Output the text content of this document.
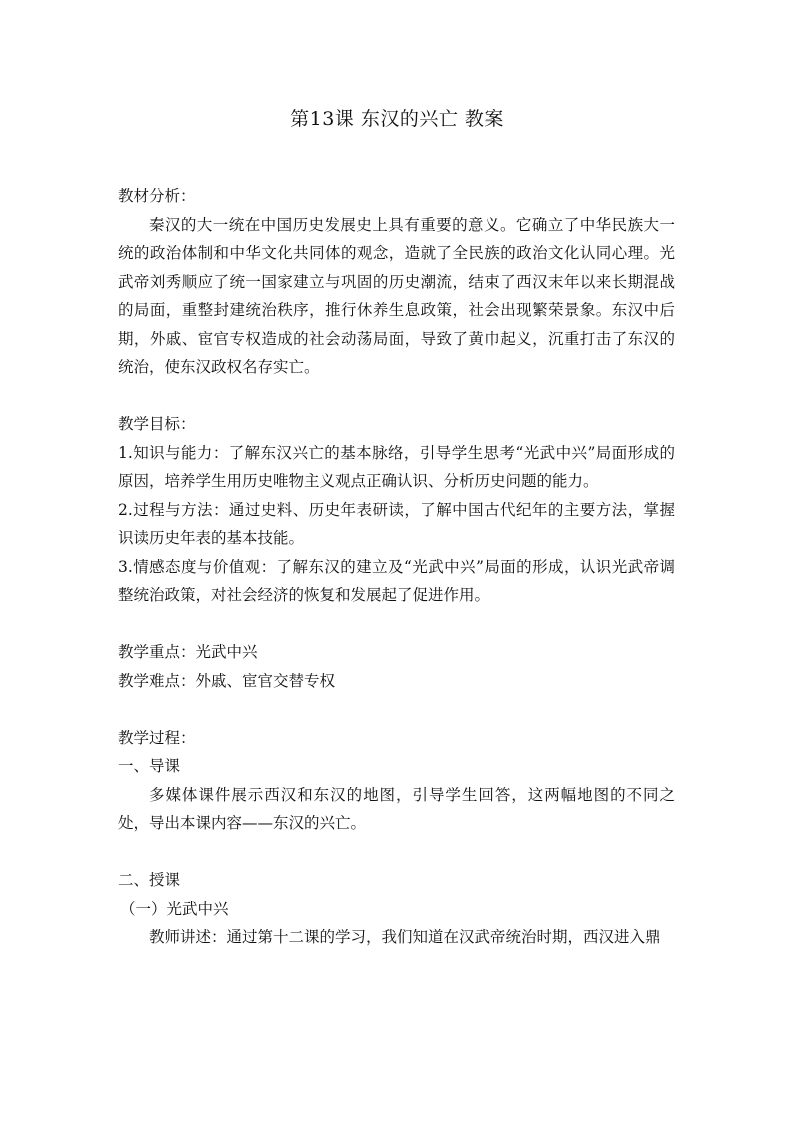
第13课 东汉的兴亡 教案

教材分析：

秦汉的大一统在中国历史发展史上具有重要的意义。它确立了中华民族大一统的政治体制和中华文化共同体的观念，造就了全民族的政治文化认同心理。光武帝刘秀顺应了统一国家建立与巩固的历史潮流，结束了西汉末年以来长期混战的局面，重整封建统治秩序，推行休养生息政策，社会出现繁荣景象。东汉中后期，外戚、宦官专权造成的社会动荡局面，导致了黄巾起义，沉重打击了东汉的统治，使东汉政权名存实亡。

教学目标：

1.知识与能力：了解东汉兴亡的基本脉络，引导学生思考“光武中兴”局面形成的原因，培养学生用历史唯物主义观点正确认识、分析历史问题的能力。

2.过程与方法：通过史料、历史年表研读，了解中国古代纪年的主要方法，掌握识读历史年表的基本技能。

3.情感态度与价值观：了解东汉的建立及“光武中兴”局面的形成，认识光武帝调整统治政策，对社会经济的恢复和发展起了促进作用。

教学重点：光武中兴

教学难点：外戚、宦官交替专权

教学过程：

一、导课

多媒体课件展示西汉和东汉的地图，引导学生回答，这两幅地图的不同之处，导出本课内容——东汉的兴亡。

二、授课

（一）光武中兴

教师讲述：通过第十二课的学习，我们知道在汉武帝统治时期，西汉进入鼎
